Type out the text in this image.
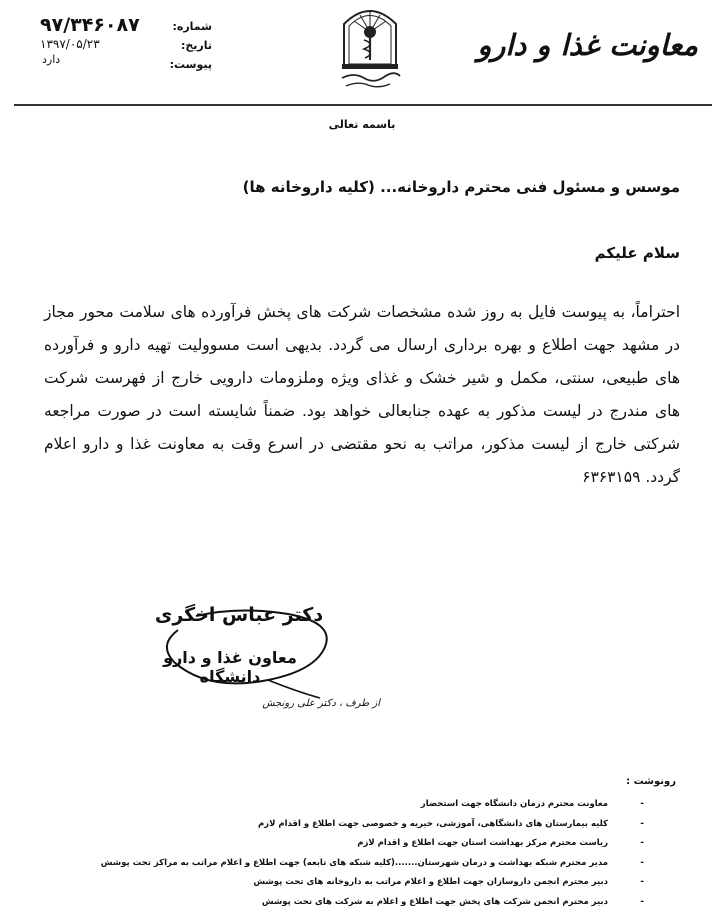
معاونت غذا و دارو
شماره:
تاریخ:
پیوست:
۹۷/۳۴۶۰۸۷
۱۳۹۷/۰۵/۲۳
دارد
باسمه تعالی
موسس و مسئول فنی محترم داروخانه... (کلیه داروخانه ها)
سلام علیکم
احتراماً، به پیوست فایل به روز شده مشخصات شرکت های پخش فرآورده های سلامت محور مجاز در مشهد جهت اطلاع و بهره برداری ارسال می گردد. بدیهی است مسوولیت تهیه دارو و فرآورده های طبیعی، سنتی، مکمل و شیر خشک و غذای ویژه وملزومات دارویی خارج از فهرست شرکت های مندرج در لیست مذکور به عهده جنابعالی خواهد بود. ضمناً شایسته است در صورت مراجعه شرکتی خارج از لیست مذکور، مراتب به نحو مقتضی در اسرع وقت به معاونت غذا و دارو اعلام گردد. ۶۳۶۳۱۵۹
دکتر عباس اخگری
معاون غذا و دارو دانشگاه
از طرف ، دکتر علی رونجش
رونوشت :
-
معاونت محترم درمان دانشگاه جهت استحضار
-
کلیه بیمارستان های دانشگاهی، آموزشی، خیریه و خصوصی جهت اطلاع و اقدام لازم
-
ریاست محترم مرکز بهداشت استان جهت اطلاع و اقدام لازم
-
مدیر محترم شبکه بهداشت و درمان شهرستان.......(کلیه شبکه های تابعه) جهت اطلاع و اعلام مراتب به مراکز تحت پوشش
-
دبیر محترم انجمن داروسازان جهت اطلاع و اعلام مراتب به داروخانه های تحت پوشش
-
دبیر محترم انجمن شرکت های پخش جهت اطلاع و اعلام به شرکت های تحت پوشش
